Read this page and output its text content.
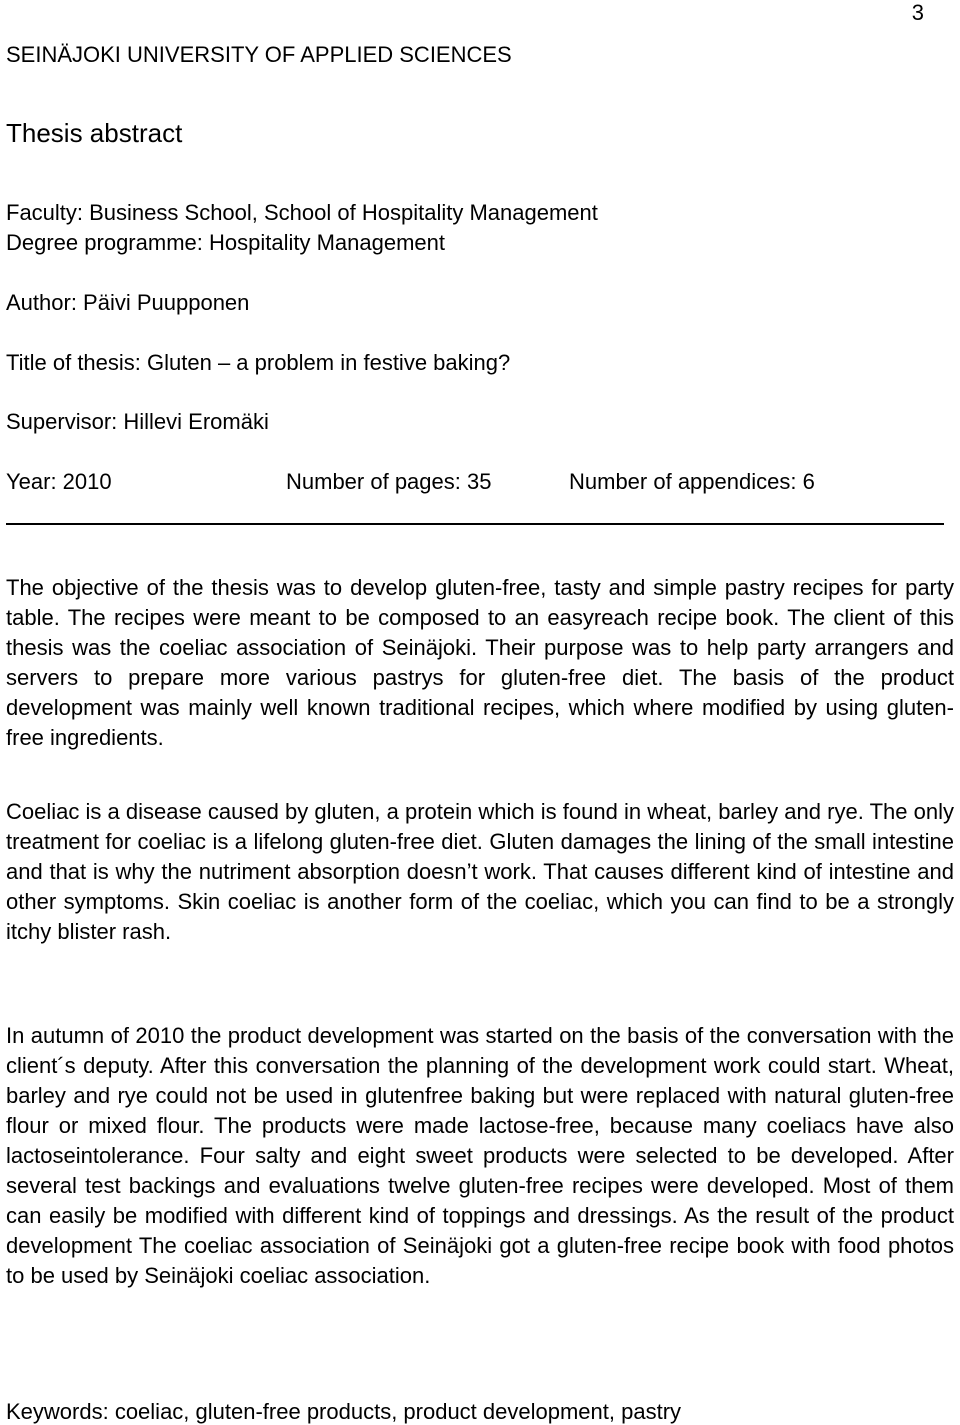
3
SEINÄJOKI UNIVERSITY OF APPLIED SCIENCES
Thesis abstract
Faculty: Business School, School of Hospitality Management
Degree programme: Hospitality Management
Author: Päivi Puupponen
Title of thesis: Gluten – a problem in festive baking?
Supervisor: Hillevi Eromäki
Year: 2010	Number of pages: 35	Number of appendices: 6

The objective of the thesis was to develop gluten-free, tasty and simple pastry recipes for party table. The recipes were meant to be composed to an easyreach recipe book. The client of this thesis was the coeliac association of Seinäjoki. Their purpose was to help party arrangers and servers to prepare more various pastrys for gluten-free diet. The basis of the product development was mainly well known traditional recipes, which where modified by using gluten-free ingredients.

Coeliac is a disease caused by gluten, a protein which is found in wheat, barley and rye. The only treatment for coeliac is a lifelong gluten-free diet. Gluten damages the lining of the small intestine and that is why the nutriment absorption doesn’t work. That causes different kind of intestine and other symptoms. Skin coeliac is another form of the coeliac, which you can find to be a strongly itchy blister rash.

In autumn of 2010 the product development was started on the basis of the conversation with the client´s deputy. After this conversation the planning of the development work could start. Wheat, barley and rye could not be used in glutenfree baking but were replaced with natural gluten-free flour or mixed flour. The products were made lactose-free, because many coeliacs have also lactoseintolerance. Four salty and eight sweet products were selected to be developed. After several test backings and evaluations twelve gluten-free recipes were developed. Most of them can easily be modified with different kind of toppings and dressings. As the result of the product development The coeliac association of Seinäjoki got a gluten-free recipe book with food photos to be used by Seinäjoki coeliac association.

Keywords: coeliac, gluten-free products, product development, pastry
